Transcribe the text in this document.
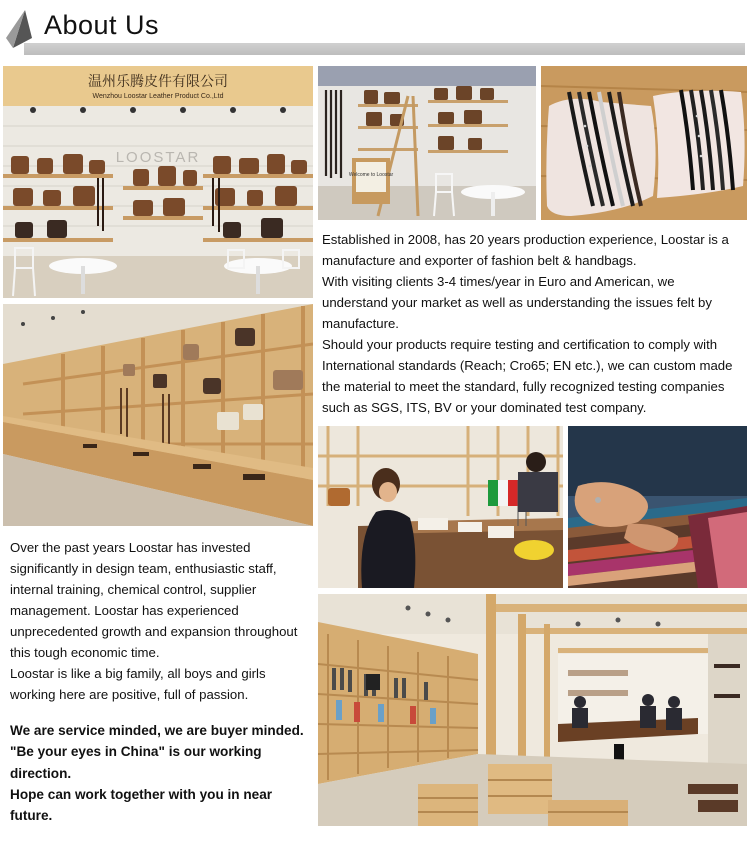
About Us
温州乐腾皮件有限公司
Wenzhou Loostar Leather Product Co.,Ltd
LOOSTAR
Welcome to Loostar

Established in 2008, has 20 years production experience, Loostar is a manufacture and exporter of fashion belt & handbags.

With visiting clients 3-4 times/year in Euro and American, we understand your market as well as understanding the issues felt by manufacture.

Should your products require testing and certification to comply with International standards (Reach; Cro65; EN etc.), we can custom made the material to meet the standard, fully recognized testing companies such as SGS, ITS, BV or your dominated test company.

Over the past years Loostar has invested significantly in design team, enthusiastic staff, internal training, chemical control, supplier management. Loostar has experienced unprecedented growth and expansion throughout this tough economic time.

Loostar is like a big family, all boys and girls working here are positive, full of passion.

We are service minded, we are buyer minded.

"Be your eyes in China" is our working direction.

Hope can work together with you in near future.
